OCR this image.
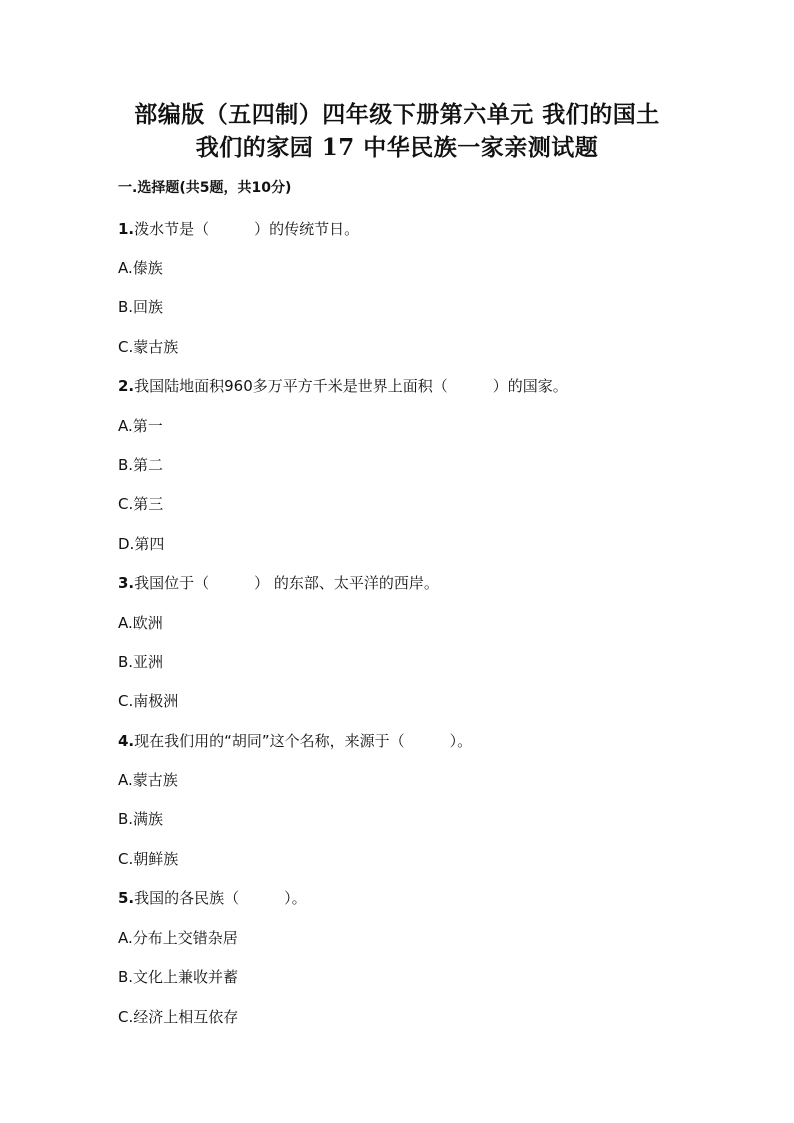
部编版（五四制）四年级下册第六单元 我们的国土
我们的家园 17 中华民族一家亲测试题
一.选择题(共5题，共10分)
1.泼水节是（　　　）的传统节日。
A.傣族
B.回族
C.蒙古族
2.我国陆地面积960多万平方千米是世界上面积（　　　）的国家。
A.第一
B.第二
C.第三
D.第四
3.我国位于（　　　） 的东部、太平洋的西岸。
A.欧洲
B.亚洲
C.南极洲
4.现在我们用的“胡同”这个名称，来源于（　　　）。
A.蒙古族
B.满族
C.朝鲜族
5.我国的各民族（　　　）。
A.分布上交错杂居
B.文化上兼收并蓄
C.经济上相互依存
